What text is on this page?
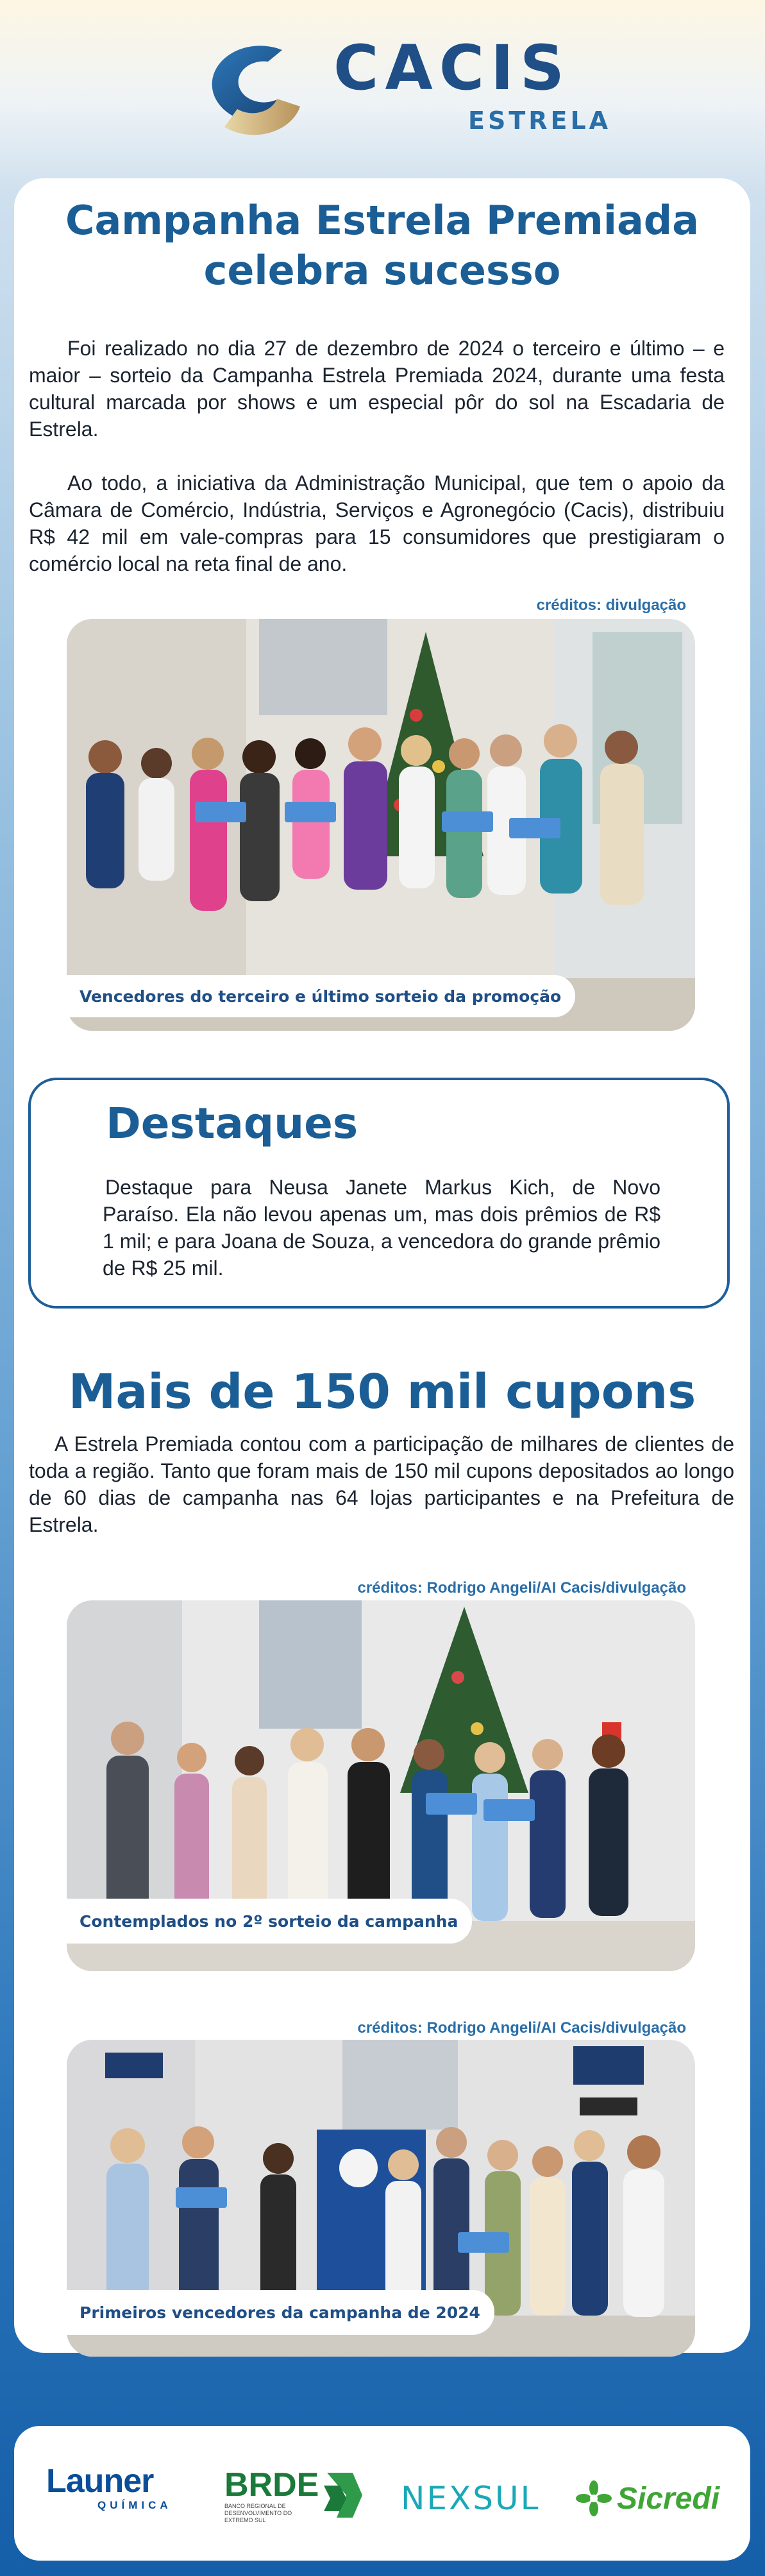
CACIS
ESTRELA
Campanha Estrela Premiada celebra sucesso
Foi realizado no dia 27 de dezembro de 2024 o terceiro e último – e maior – sorteio da Campanha Estrela Premiada 2024, durante uma festa cultural marcada por shows e um especial pôr do sol na Escadaria de Estrela.
Ao todo, a iniciativa da Administração Municipal, que tem o apoio da Câmara de Comércio, Indústria, Serviços e Agronegócio (Cacis), distribuiu R$ 42 mil em vale-compras para 15 consumidores que prestigiaram o comércio local na reta final de ano.
créditos: divulgação
Vencedores do terceiro e último sorteio da promoção
Destaques
Destaque para Neusa Janete Markus Kich, de Novo Paraíso. Ela não levou apenas um, mas dois prêmios de R$ 1 mil; e para Joana de Souza, a vencedora do grande prêmio de R$ 25 mil.
Mais de 150 mil cupons
A Estrela Premiada contou com a participação de milhares de clientes de toda a região. Tanto que foram mais de 150 mil cupons depositados ao longo de 60 dias de campanha nas 64 lojas participantes e na Prefeitura de Estrela.
créditos: Rodrigo Angeli/AI Cacis/divulgação
Contemplados no 2º sorteio da campanha
créditos: Rodrigo Angeli/AI Cacis/divulgação
Primeiros vencedores da campanha de 2024
Launer
QUÍMICA
BRDE
BANCO REGIONAL DE DESENVOLVIMENTO DO EXTREMO SUL
NEXSUL Sicredi
